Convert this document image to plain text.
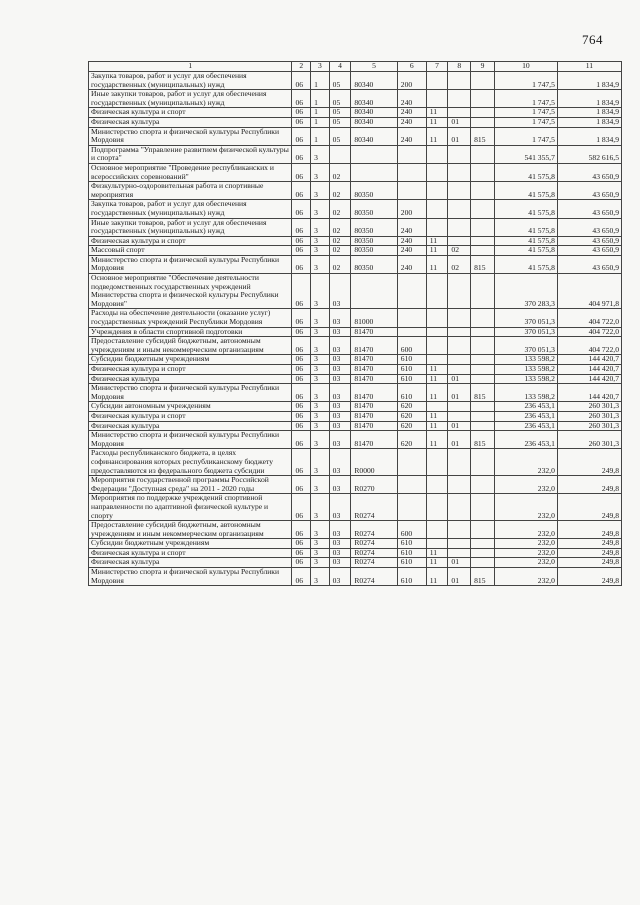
764
1	2	3	4	5	6	7	8	9	10	11
Закупка товаров, работ и услуг для обеспечения государственных (муниципальных) нужд	06	1	05	80340	200				1 747,5	1 834,9
Иные закупки товаров, работ и услуг для обеспечения государственных (муниципальных) нужд	06	1	05	80340	240				1 747,5	1 834,9
Физическая культура и спорт	06	1	05	80340	240	11			1 747,5	1 834,9
Физическая культура	06	1	05	80340	240	11	01		1 747,5	1 834,9
Министерство спорта и физической культуры Республики Мордовия	06	1	05	80340	240	11	01	815	1 747,5	1 834,9
Подпрограмма "Управление развитием физической культуры и спорта"	06	3							541 355,7	582 616,5
Основное мероприятие "Проведение республиканских и всероссийских соревнований"	06	3	02						41 575,8	43 650,9
Физкультурно-оздоровительная работа и спортивные мероприятия	06	3	02	80350					41 575,8	43 650,9
Закупка товаров, работ и услуг для обеспечения государственных (муниципальных) нужд	06	3	02	80350	200				41 575,8	43 650,9
Иные закупки товаров, работ и услуг для обеспечения государственных (муниципальных) нужд	06	3	02	80350	240				41 575,8	43 650,9
Физическая культура и спорт	06	3	02	80350	240	11			41 575,8	43 650,9
Массовый спорт	06	3	02	80350	240	11	02		41 575,8	43 650,9
Министерство спорта и физической культуры Республики Мордовия	06	3	02	80350	240	11	02	815	41 575,8	43 650,9
Основное мероприятие "Обеспечение деятельности подведомственных государственных учреждений Министерства спорта и физической культуры Республики Мордовия"	06	3	03						370 283,3	404 971,8
Расходы на обеспечение деятельности (оказание услуг) государственных учреждений Республики Мордовия	06	3	03	81000					370 051,3	404 722,0
Учреждения в области спортивной подготовки	06	3	03	81470					370 051,3	404 722,0
Предоставление субсидий бюджетным, автономным учреждениям и иным некоммерческим организациям	06	3	03	81470	600				370 051,3	404 722,0
Субсидии бюджетным учреждениям	06	3	03	81470	610				133 598,2	144 420,7
Физическая культура и спорт	06	3	03	81470	610	11			133 598,2	144 420,7
Физическая культура	06	3	03	81470	610	11	01		133 598,2	144 420,7
Министерство спорта и физической культуры Республики Мордовия	06	3	03	81470	610	11	01	815	133 598,2	144 420,7
Субсидии автономным учреждениям	06	3	03	81470	620				236 453,1	260 301,3
Физическая культура и спорт	06	3	03	81470	620	11			236 453,1	260 301,3
Физическая культура	06	3	03	81470	620	11	01		236 453,1	260 301,3
Министерство спорта и физической культуры Республики Мордовия	06	3	03	81470	620	11	01	815	236 453,1	260 301,3
Расходы республиканского бюджета, в целях софинансирования которых республиканскому бюджету предоставляются из федерального бюджета субсидии	06	3	03	R0000					232,0	249,8
Мероприятия государственной программы Российской Федерации "Доступная среда" на 2011 - 2020 годы	06	3	03	R0270					232,0	249,8
Мероприятия по поддержке учреждений спортивной направленности по адаптивной физической культуре и спорту	06	3	03	R0274					232,0	249,8
Предоставление субсидий бюджетным, автономным учреждениям и иным некоммерческим организациям	06	3	03	R0274	600				232,0	249,8
Субсидии бюджетным учреждениям	06	3	03	R0274	610				232,0	249,8
Физическая культура и спорт	06	3	03	R0274	610	11			232,0	249,8
Физическая культура	06	3	03	R0274	610	11	01		232,0	249,8
Министерство спорта и физической культуры Республики Мордовия	06	3	03	R0274	610	11	01	815	232,0	249,8
